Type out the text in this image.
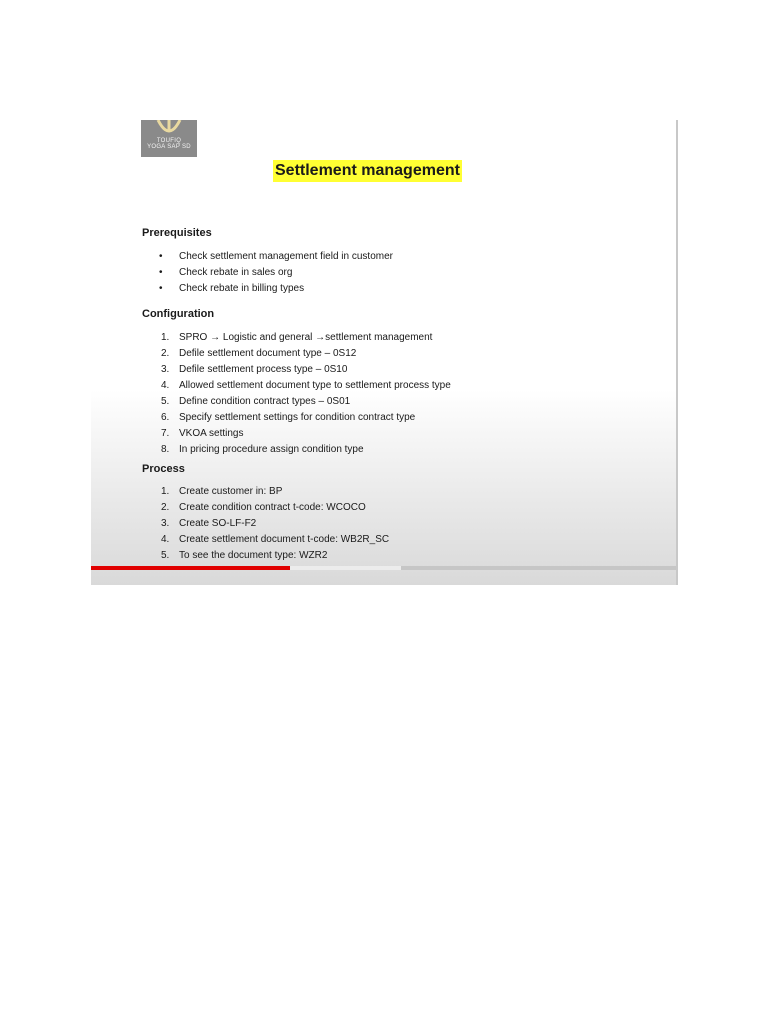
TOUFIQ
YOGA SAP SD
Settlement management
Prerequisites
•	Check settlement management field in customer
•	Check rebate in sales org
•	Check rebate in billing types
Configuration
1. SPRO → Logistic and general →settlement management
2. Defile settlement document type – 0S12
3. Defile settlement process type – 0S10
4. Allowed settlement document type to settlement process type
5. Define condition contract types – 0S01
6. Specify settlement settings for condition contract type
7. VKOA settings
8. In pricing procedure assign condition type
Process
1. Create customer in: BP
2. Create condition contract t-code: WCOCO
3. Create SO-LF-F2
4. Create settlement document t-code: WB2R_SC
5. To see the document type: WZR2
